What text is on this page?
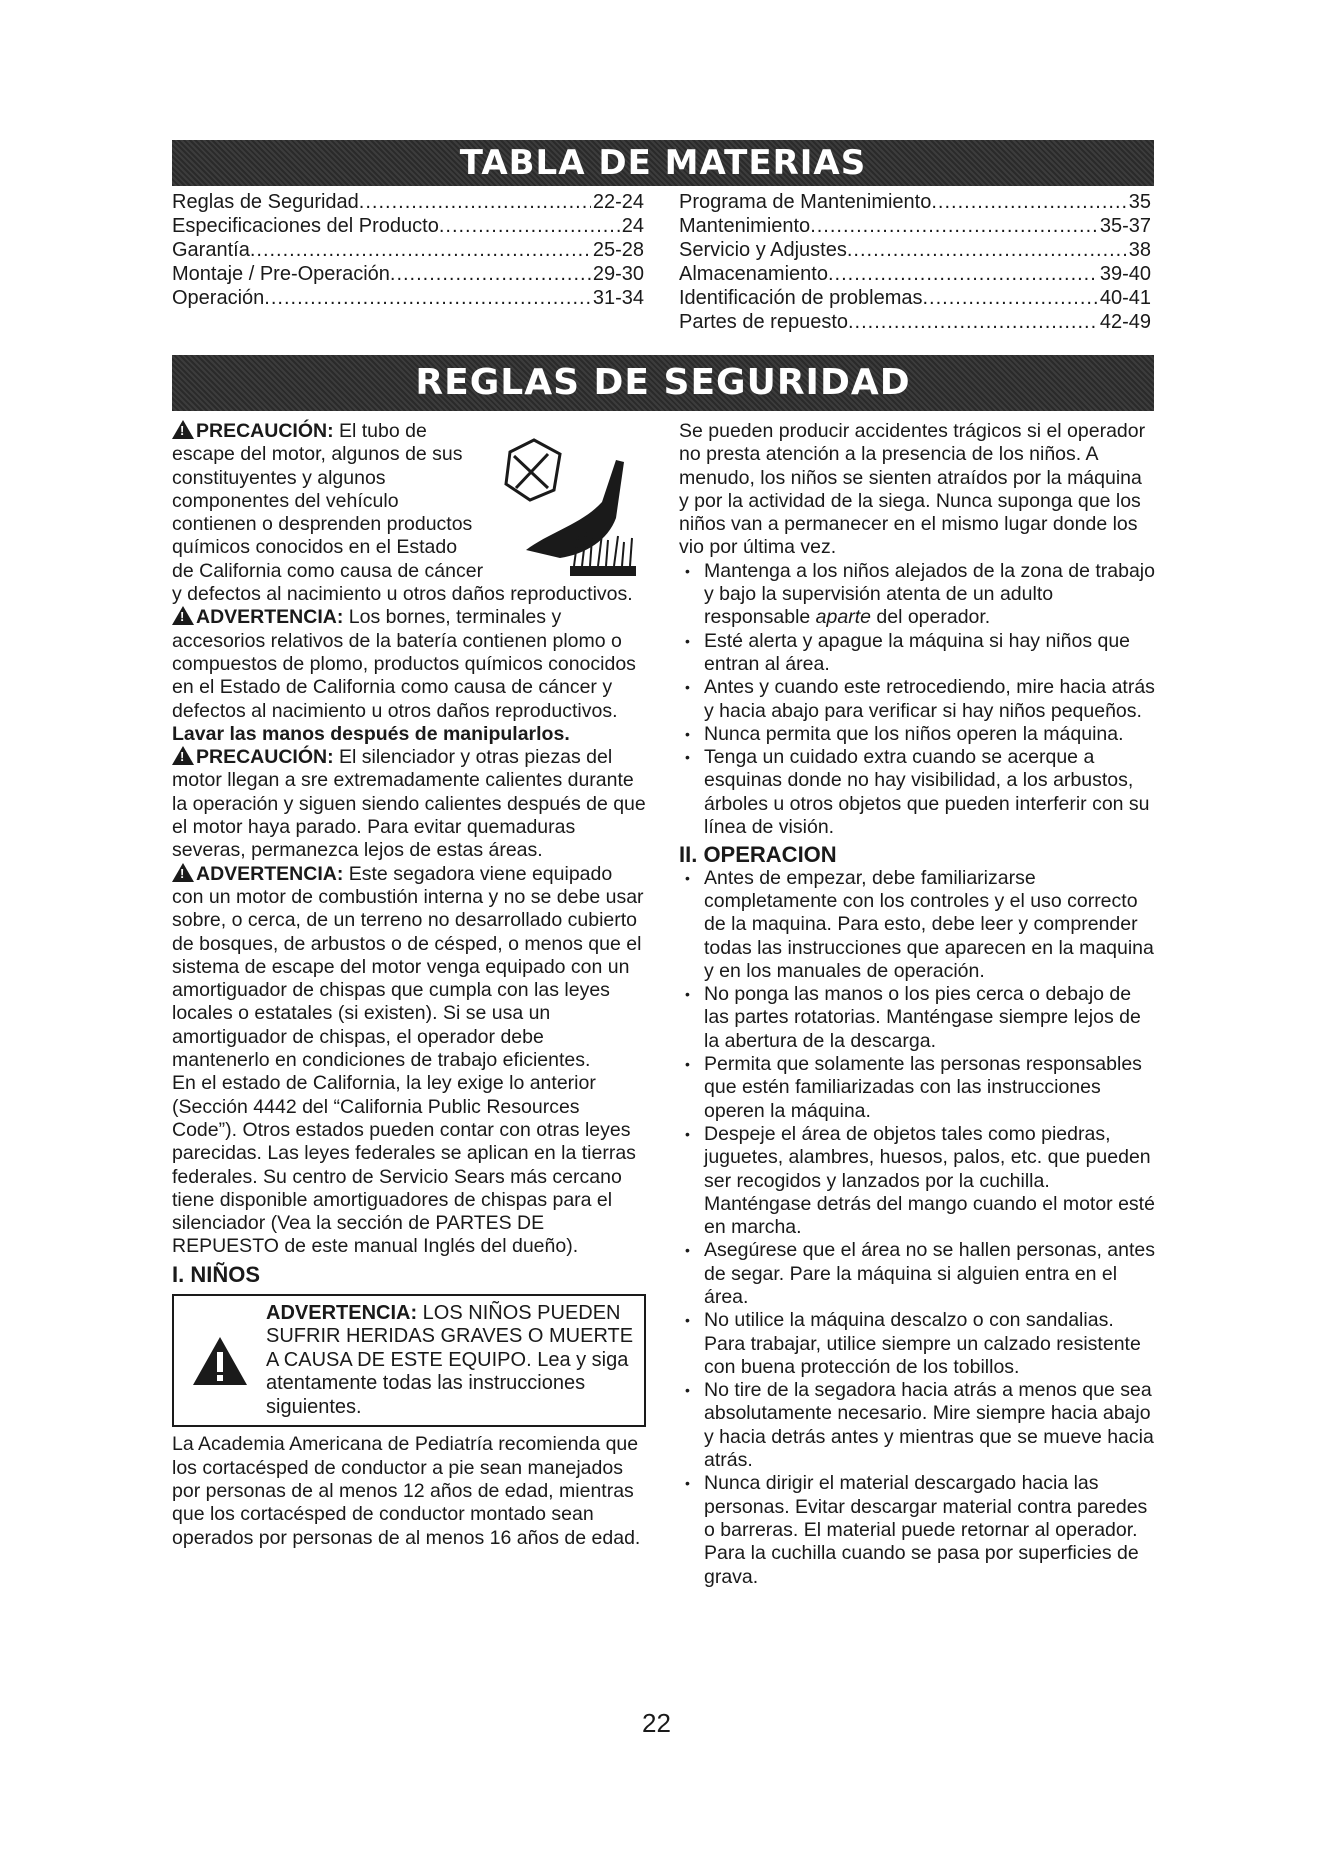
TABLA DE MATERIAS
Reglas de Seguridad .....	22-24
Especificaciones del Producto .....	24
Garantía .....	25-28
Montaje / Pre-Operación .....	29-30
Operación .....	31-34
Programa de Mantenimiento .....	35
Mantenimiento .....	35-37
Servicio y Adjustes .....	38
Almacenamiento .....	39-40
Identificación de problemas .....	40-41
Partes de repuesto .....	42-49
REGLAS DE SEGURIDAD

!PRECAUCIÓN: El tubo de escape del motor, algunos de sus constituyentes y algunos componentes del vehículo contienen o desprenden productos químicos conocidos en el Estado de California como causa de cáncer y defectos al nacimiento u otros daños reproductivos.

!ADVERTENCIA: Los bornes, terminales y accesorios relativos de la batería contienen plomo o compuestos de plomo, productos químicos conocidos en el Estado de California como causa de cáncer y defectos al nacimiento u otros daños reproductivos. Lavar las manos después de manipularlos.

!PRECAUCIÓN: El silenciador y otras piezas del motor llegan a sre extremadamente calientes durante la operación y siguen siendo calientes después de que el motor haya parado. Para evitar quemaduras severas, permanezca lejos de estas áreas.

!ADVERTENCIA: Este segadora viene equipado con un motor de combustión interna y no se debe usar sobre, o cerca, de un terreno no desarrollado cubierto de bosques, de arbustos o de césped, o menos que el sistema de escape del motor venga equipado con un amortiguador de chispas que cumpla con las leyes locales o estatales (si existen). Si se usa un amortiguador de chispas, el operador debe mantenerlo en condiciones de trabajo eficientes.

En el estado de California, la ley exige lo anterior (Sección 4442 del “California Public Resources Code”). Otros estados pueden contar con otras leyes parecidas. Las leyes federales se aplican en la tierras federales. Su centro de Servicio Sears más cercano tiene disponible amortiguadores de chispas para el silenciador (Vea la sección de PARTES DE REPUESTO de este manual Inglés del dueño).

I. NIÑOS
ADVERTENCIA: LOS NIÑOS PUEDEN SUFRIR HERIDAS GRAVES O MUERTE A CAUSA DE ESTE EQUIPO. Lea y siga atentamente todas las instrucciones siguientes.

La Academia Americana de Pediatría recomienda que los cortacésped de conductor a pie sean manejados por personas de al menos 12 años de edad, mientras que los cortacésped de conductor montado sean operados por personas de al menos 16 años de edad.

Se pueden producir accidentes trágicos si el operador no presta atención a la presencia de los niños. A menudo, los niños se sienten atraídos por la máquina y por la actividad de la siega. Nunca suponga que los niños van a permanecer en el mismo lugar donde los vio por última vez.

• Mantenga a los niños alejados de la zona de trabajo y bajo la supervisión atenta de un adulto responsable aparte del operador.
• Esté alerta y apague la máquina si hay niños que entran al área.
• Antes y cuando este retrocediendo, mire hacia atrás y hacia abajo para verificar si hay niños pequeños.
• Nunca permita que los niños operen la máquina.
• Tenga un cuidado extra cuando se acerque a esquinas donde no hay visibilidad, a los arbustos, árboles u otros objetos que pueden interferir con su línea de visión.
II. OPERACION
• Antes de empezar, debe familiarizarse completamente con los controles y el uso correcto de la maquina. Para esto, debe leer y comprender todas las instrucciones que aparecen en la maquina y en los manuales de operación.
• No ponga las manos o los pies cerca o debajo de las partes rotatorias. Manténgase siempre lejos de la abertura de la descarga.
• Permita que solamente las personas responsables que estén familiarizadas con las instrucciones operen la máquina.
• Despeje el área de objetos tales como piedras, juguetes, alambres, huesos, palos, etc. que pueden ser recogidos y lanzados por la cuchilla. Manténgase detrás del mango cuando el motor esté en marcha.
• Asegúrese que el área no se hallen personas, antes de segar. Pare la máquina si alguien entra en el área.
• No utilice la máquina descalzo o con sandalias. Para trabajar, utilice siempre un calzado resistente con buena protección de los tobillos.
• No tire de la segadora hacia atrás a menos que sea absolutamente necesario. Mire siempre hacia abajo y hacia detrás antes y mientras que se mueve hacia atrás.
• Nunca dirigir el material descargado hacia las personas. Evitar descargar material contra paredes o barreras. El material puede retornar al operador. Para la cuchilla cuando se pasa por superficies de grava.
22
